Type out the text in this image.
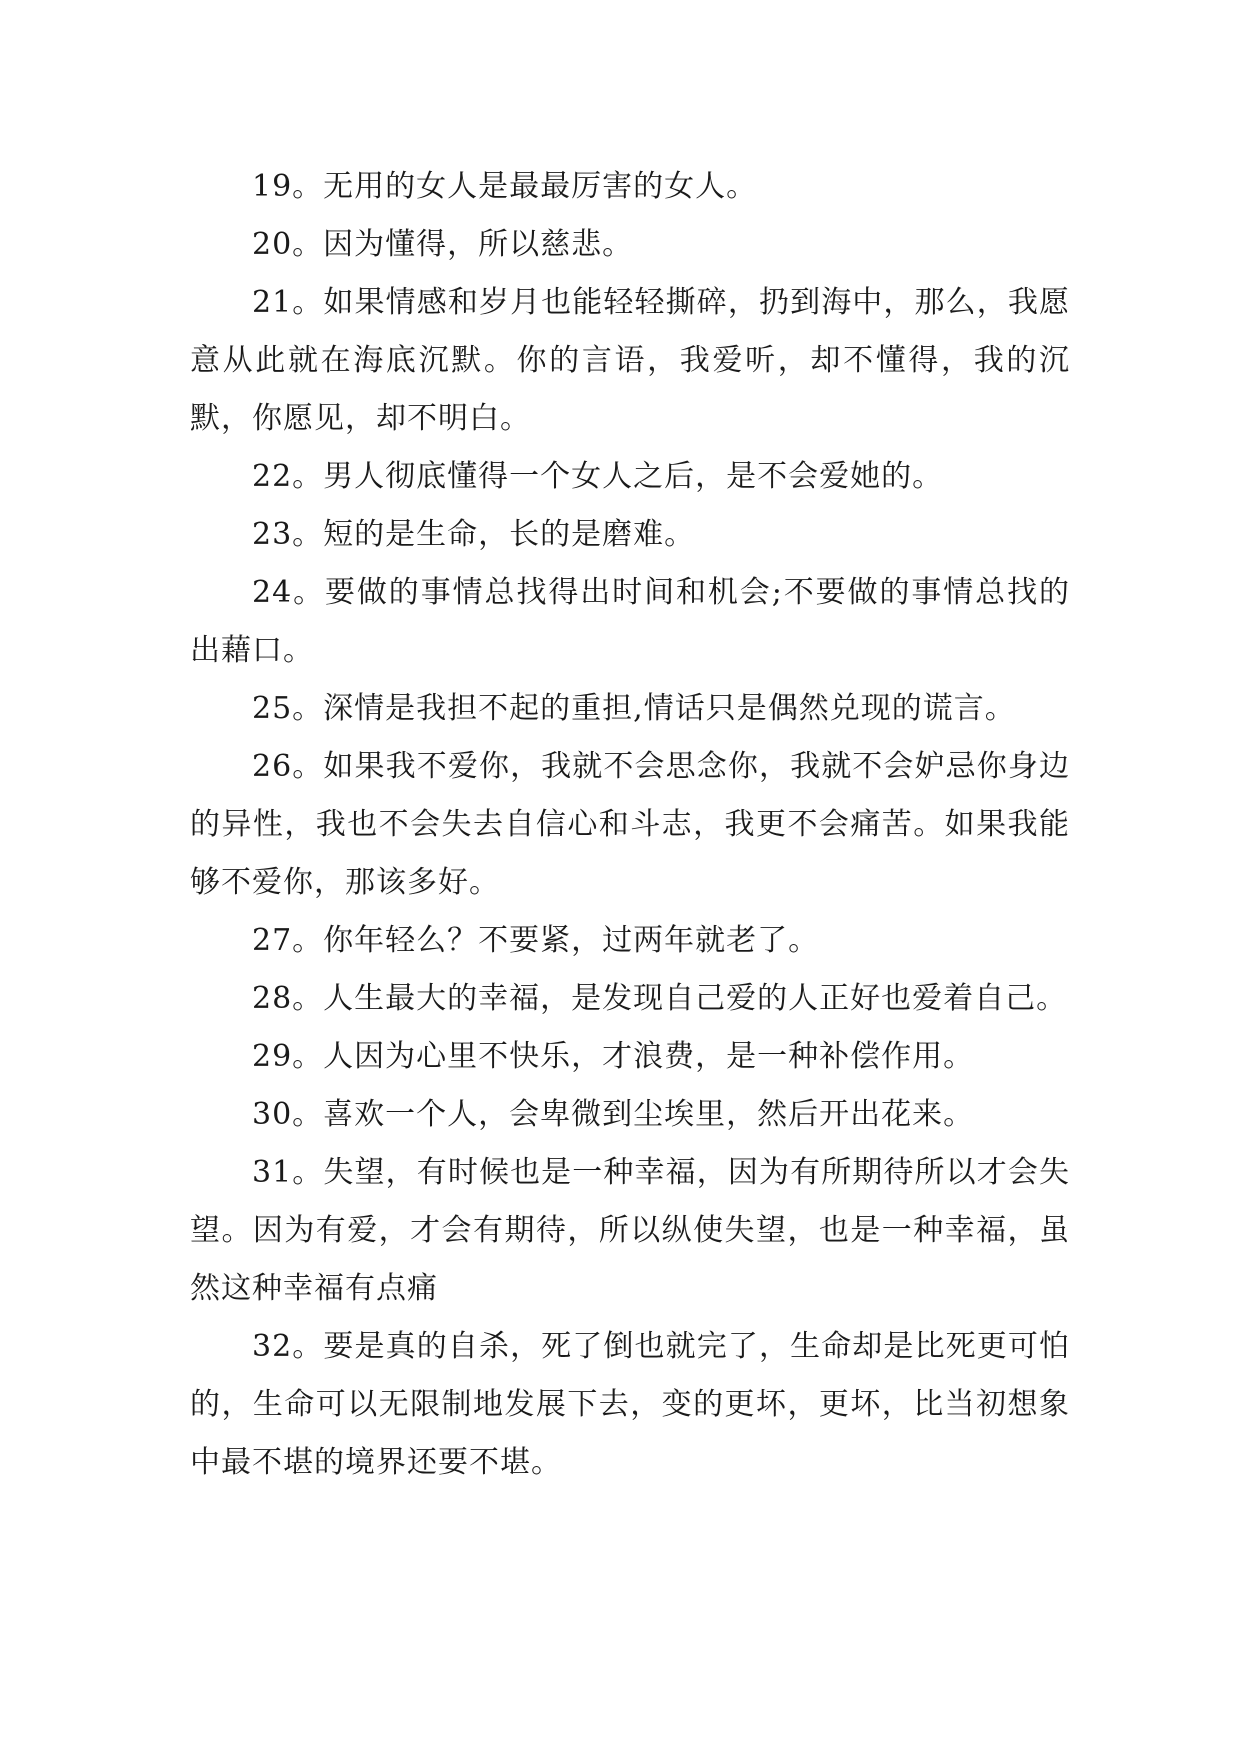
19。无用的女人是最最厉害的女人。

20。因为懂得，所以慈悲。

21。如果情感和岁月也能轻轻撕碎，扔到海中，那么，我愿意从此就在海底沉默。你的言语，我爱听，却不懂得，我的沉默，你愿见，却不明白。

22。男人彻底懂得一个女人之后，是不会爱她的。

23。短的是生命，长的是磨难。

24。要做的事情总找得出时间和机会;不要做的事情总找的出藉口。

25。深情是我担不起的重担,情话只是偶然兑现的谎言。

26。如果我不爱你，我就不会思念你，我就不会妒忌你身边的异性，我也不会失去自信心和斗志，我更不会痛苦。如果我能够不爱你，那该多好。

27。你年轻么？不要紧，过两年就老了。

28。人生最大的幸福，是发现自己爱的人正好也爱着自己。

29。人因为心里不快乐，才浪费，是一种补偿作用。

30。喜欢一个人，会卑微到尘埃里，然后开出花来。

31。失望，有时候也是一种幸福，因为有所期待所以才会失望。因为有爱，才会有期待，所以纵使失望，也是一种幸福，虽然这种幸福有点痛

32。要是真的自杀，死了倒也就完了，生命却是比死更可怕的，生命可以无限制地发展下去，变的更坏，更坏，比当初想象中最不堪的境界还要不堪。
